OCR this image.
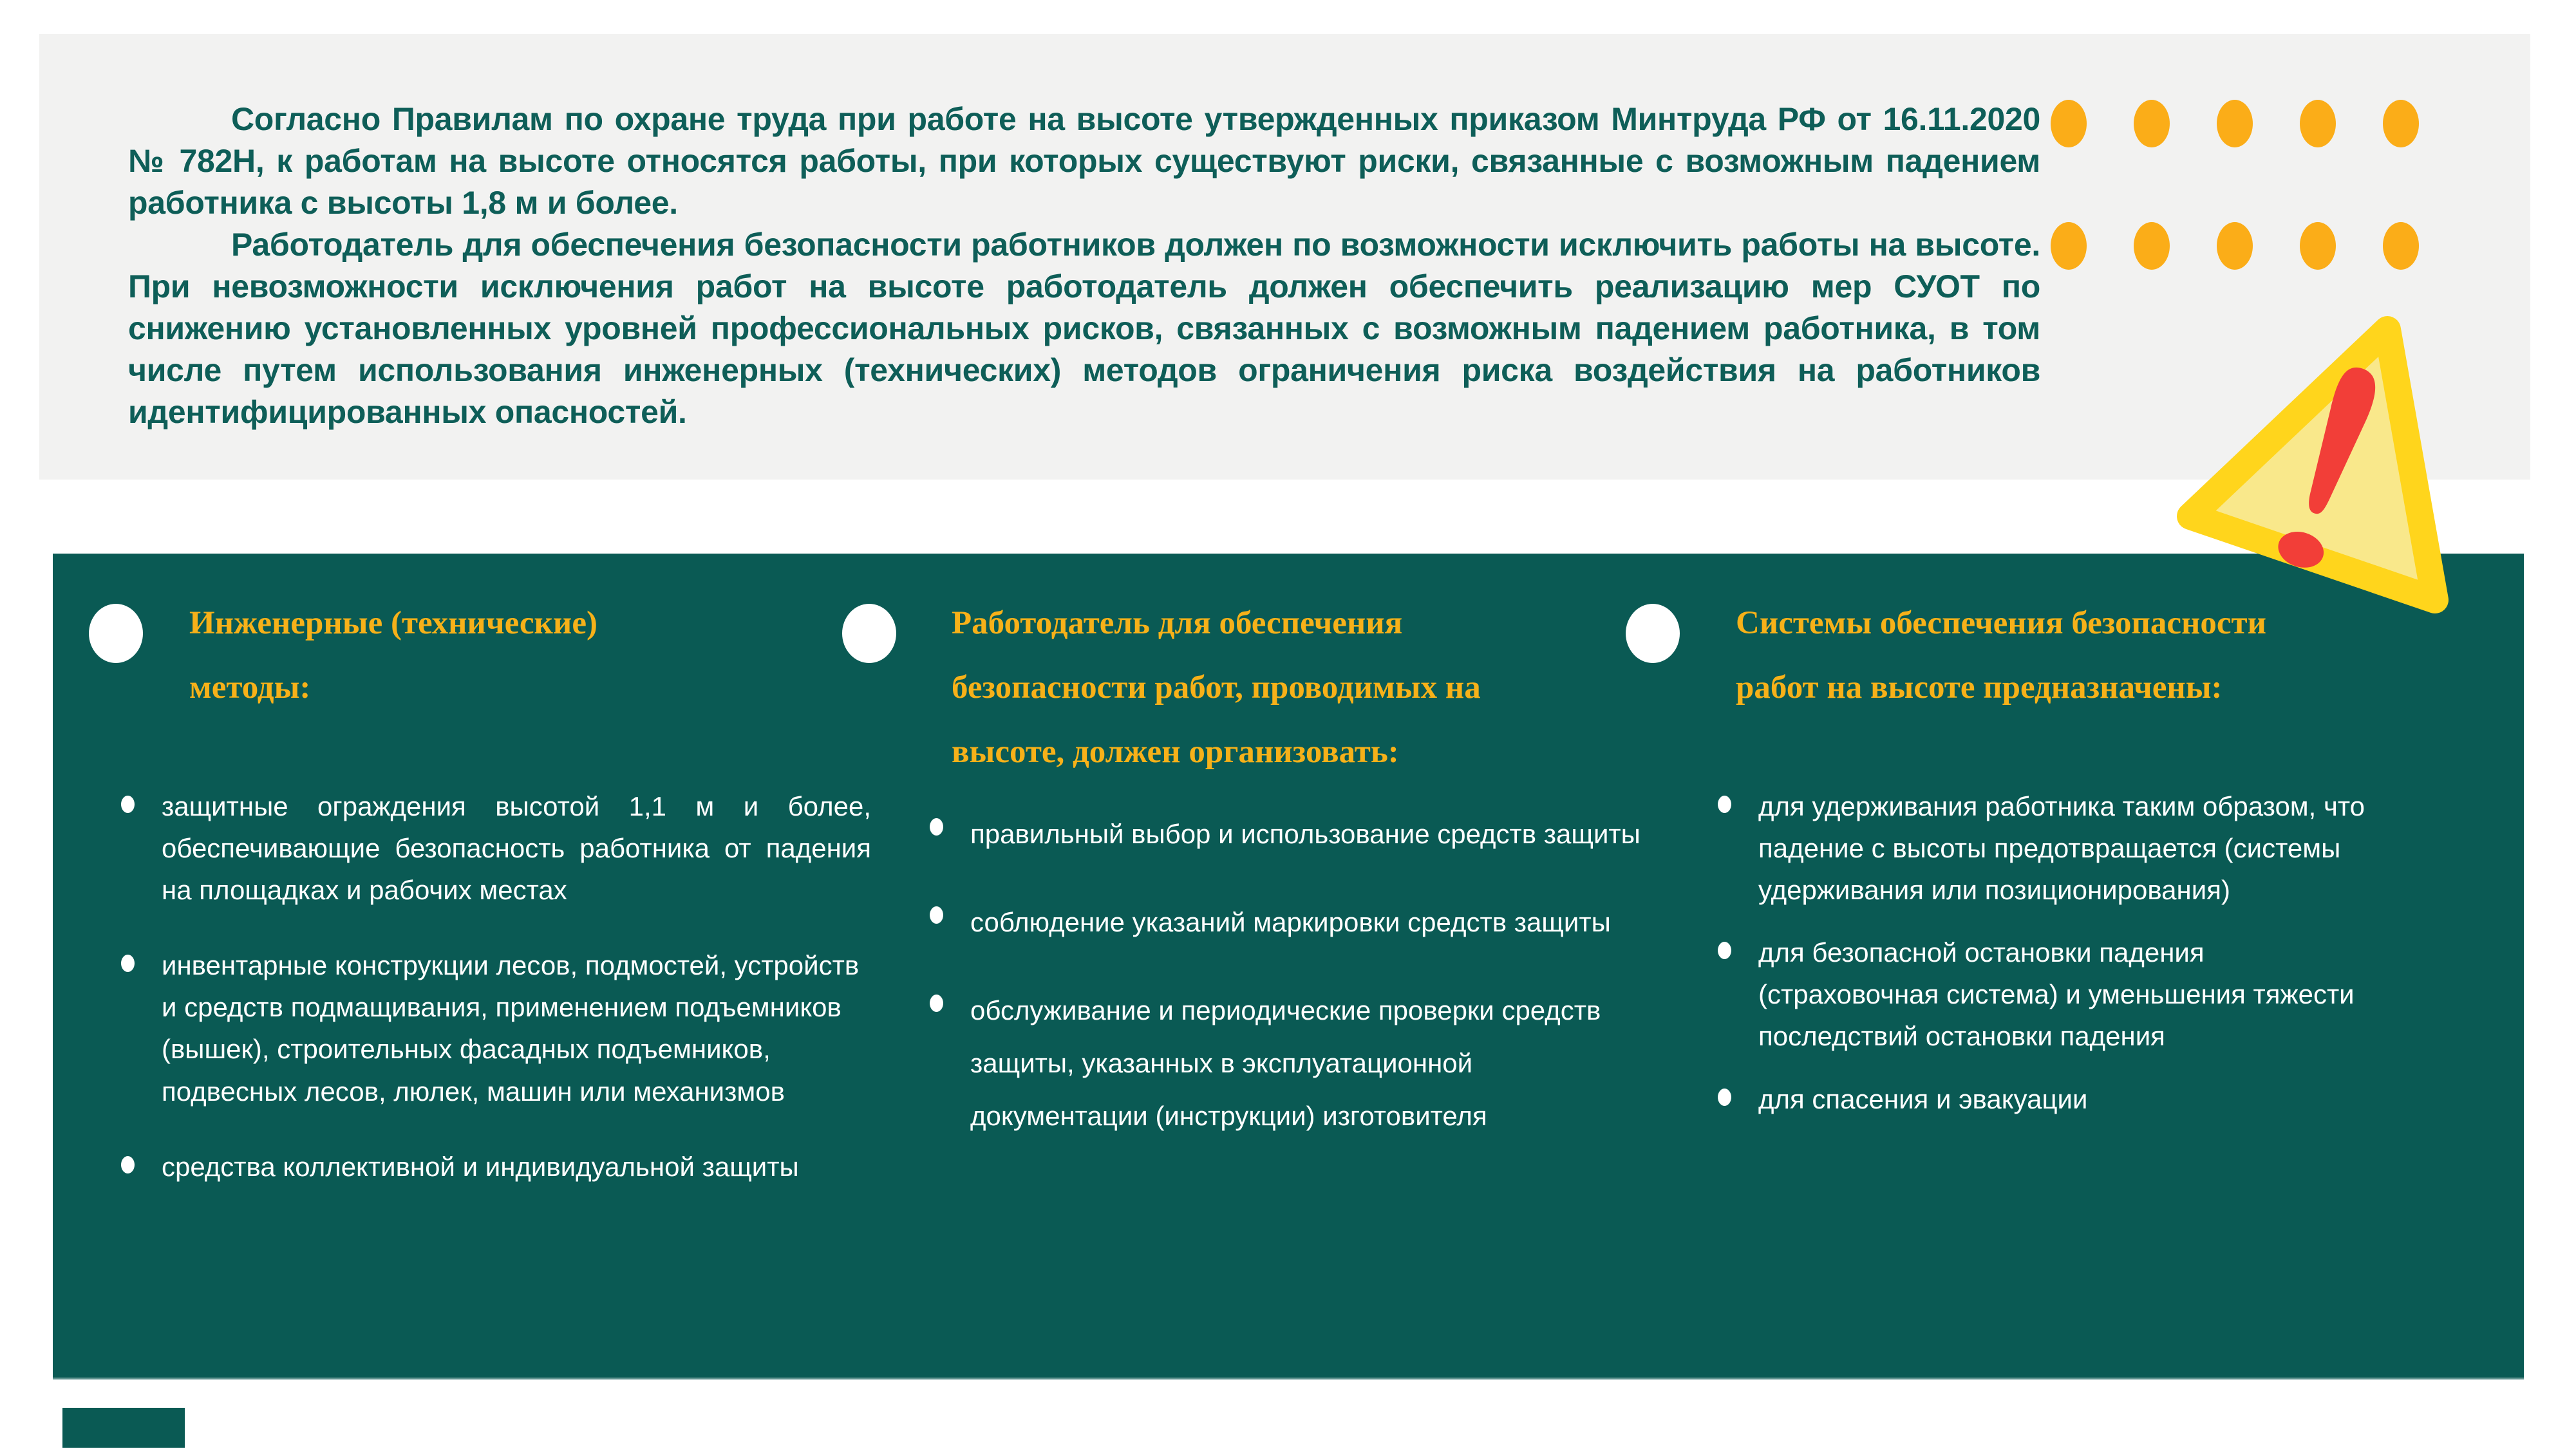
Согласно Правилам по охране труда при работе на высоте утвержденных приказом Минтруда РФ от 16.11.2020 № 782Н, к работам на высоте относятся работы, при которых существуют риски, связанные с возможным падением работника с высоты 1,8 м и более.

Работодатель для обеспечения безопасности работников должен по возможности исключить работы на высоте. При невозможности исключения работ на высоте работодатель должен обеспечить реализацию мер СУОТ по снижению установленных уровней профессиональных рисков, связанных с возможным падением работника, в том числе путем использования инженерных (технических) методов ограничения риска воздействия на работников идентифицированных опасностей.

Инженерные (технические) методы:

защитные ограждения высотой 1,1 м и более, обеспечивающие безопасность работника от падения на площадках и рабочих местах

инвентарные конструкции лесов, подмостей, устройств и средств подмащивания, применением подъемников (вышек), строительных фасадных подъемников, подвесных лесов, люлек, машин или механизмов

средства коллективной и индивидуальной защиты

Работодатель для обеспечения безопасности работ, проводимых на высоте, должен организовать:

правильный выбор и использование средств защиты

соблюдение указаний маркировки средств защиты

обслуживание и периодические проверки средств защиты, указанных в эксплуатационной документации (инструкции) изготовителя

Системы обеспечения безопасности работ на высоте предназначены:

для удерживания работника таким образом, что падение с высоты предотвращается (системы удерживания или позиционирования)

для безопасной остановки падения (страховочная система) и уменьшения тяжести последствий остановки падения

для спасения и эвакуации
